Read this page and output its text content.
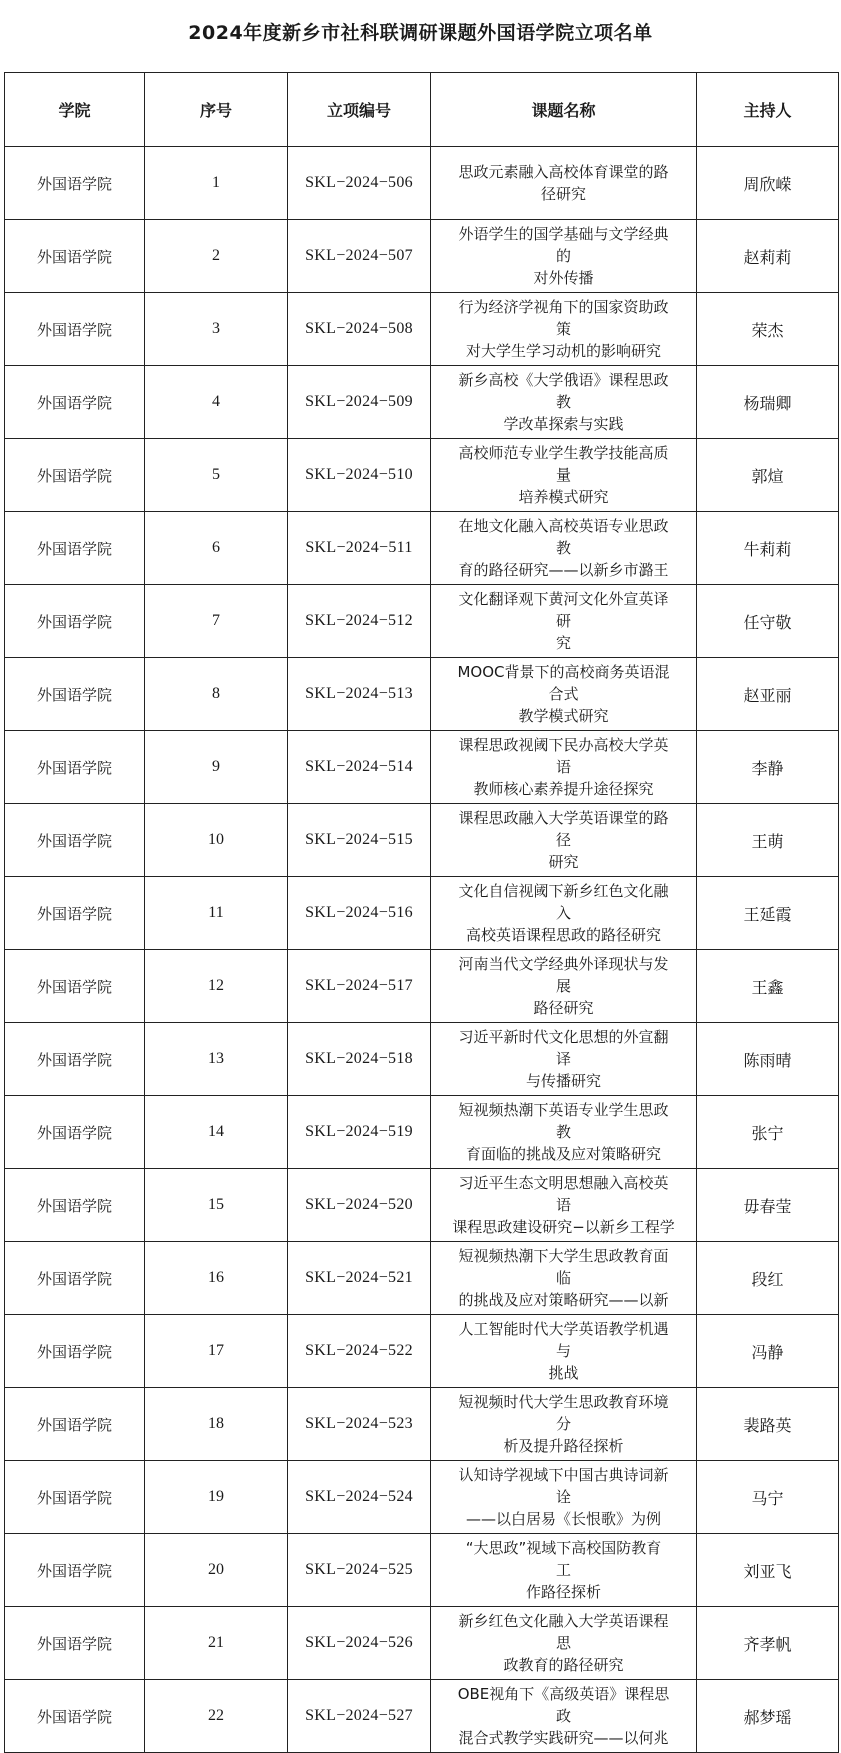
2024年度新乡市社科联调研课题外国语学院立项名单
学院	序号	立项编号	课题名称	主持人
外国语学院	1	SKL−2024−506	思政元素融入高校体育课堂的路
径研究	周欣嵘
外国语学院	2	SKL−2024−507	外语学生的国学基础与文学经典
的
对外传播	赵莉莉
外国语学院	3	SKL−2024−508	行为经济学视角下的国家资助政
策
对大学生学习动机的影响研究	荣杰
外国语学院	4	SKL−2024−509	新乡高校《大学俄语》课程思政
教
学改革探索与实践	杨瑞卿
外国语学院	5	SKL−2024−510	高校师范专业学生教学技能高质
量
培养模式研究	郭煊
外国语学院	6	SKL−2024−511	在地文化融入高校英语专业思政
教
育的路径研究——以新乡市潞王	牛莉莉
外国语学院	7	SKL−2024−512	文化翻译观下黄河文化外宣英译
研
究	任守敬
外国语学院	8	SKL−2024−513	MOOC背景下的高校商务英语混
合式
教学模式研究	赵亚丽
外国语学院	9	SKL−2024−514	课程思政视阈下民办高校大学英
语
教师核心素养提升途径探究	李静
外国语学院	10	SKL−2024−515	课程思政融入大学英语课堂的路
径
研究	王萌
外国语学院	11	SKL−2024−516	文化自信视阈下新乡红色文化融
入
高校英语课程思政的路径研究	王延霞
外国语学院	12	SKL−2024−517	河南当代文学经典外译现状与发
展
路径研究	王鑫
外国语学院	13	SKL−2024−518	习近平新时代文化思想的外宣翻
译
与传播研究	陈雨晴
外国语学院	14	SKL−2024−519	短视频热潮下英语专业学生思政
教
育面临的挑战及应对策略研究	张宁
外国语学院	15	SKL−2024−520	习近平生态文明思想融入高校英
语
课程思政建设研究−以新乡工程学	毋春莹
外国语学院	16	SKL−2024−521	短视频热潮下大学生思政教育面
临
的挑战及应对策略研究——以新	段红
外国语学院	17	SKL−2024−522	人工智能时代大学英语教学机遇
与
挑战	冯静
外国语学院	18	SKL−2024−523	短视频时代大学生思政教育环境
分
析及提升路径探析	裴路英
外国语学院	19	SKL−2024−524	认知诗学视域下中国古典诗词新
诠
——以白居易《长恨歌》为例	马宁
外国语学院	20	SKL−2024−525	“大思政”视域下高校国防教育
工
作路径探析	刘亚飞
外国语学院	21	SKL−2024−526	新乡红色文化融入大学英语课程
思
政教育的路径研究	齐孝帆
外国语学院	22	SKL−2024−527	OBE视角下《高级英语》课程思
政
混合式教学实践研究——以何兆	郝梦瑶
